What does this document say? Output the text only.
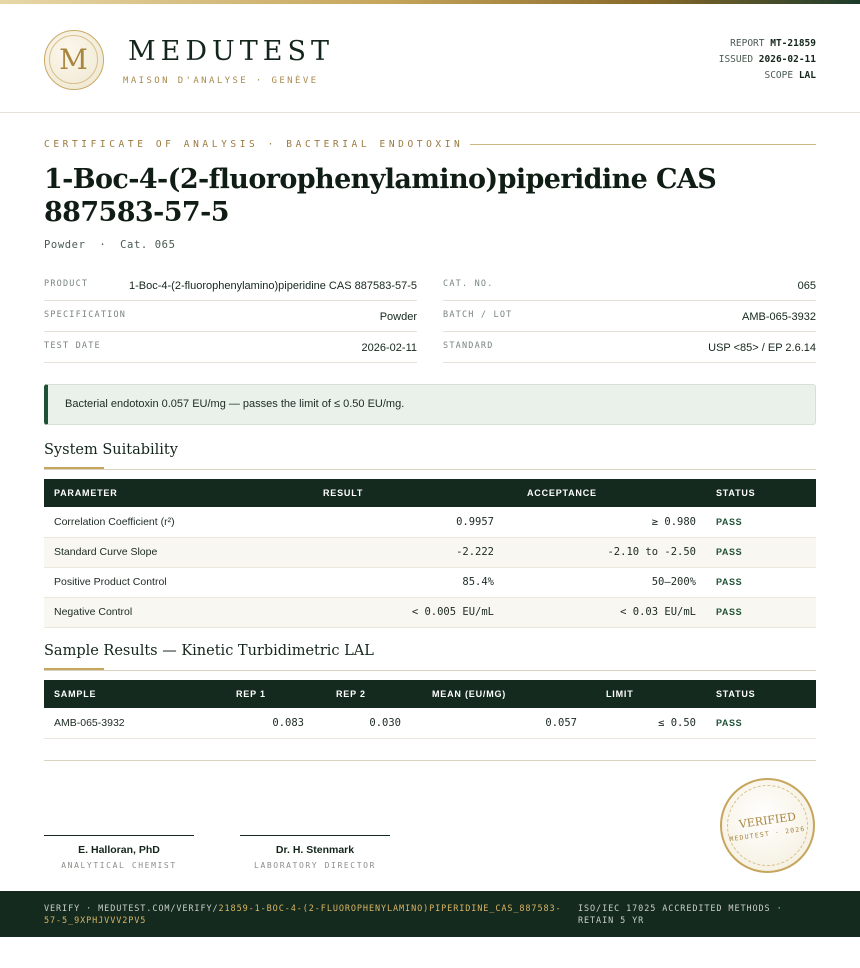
M	MEDUTEST
MAISON D'ANALYSE · GENÈVE
REPORT MT-21859
ISSUED 2026-02-11
SCOPE LAL
CERTIFICATE OF ANALYSIS · BACTERIAL ENDOTOXIN
1-Boc-4-(2-fluorophenylamino)piperidine CAS 887583-57-5
Powder · Cat. 065
PRODUCT	1-Boc-4-(2-fluorophenylamino)piperidine CAS 887583-57-5
SPECIFICATION	Powder
TEST DATE	2026-02-11
CAT. NO.	065
BATCH / LOT	AMB-065-3932
STANDARD	USP <85> / EP 2.6.14
Bacterial endotoxin 0.057 EU/mg — passes the limit of ≤ 0.50 EU/mg.
System Suitability
PARAMETER	RESULT	ACCEPTANCE	STATUS
Correlation Coefficient (r²)	0.9957	≥ 0.980	PASS
Standard Curve Slope	-2.222	-2.10 to -2.50	PASS
Positive Product Control	85.4%	50–200%	PASS
Negative Control	< 0.005 EU/mL	< 0.03 EU/mL	PASS
Sample Results — Kinetic Turbidimetric LAL
SAMPLE	REP 1	REP 2	MEAN (EU/MG)	LIMIT	STATUS
AMB-065-3932	0.083	0.030	0.057	≤ 0.50	PASS
E. Halloran, PhD
ANALYTICAL CHEMIST
Dr. H. Stenmark
LABORATORY DIRECTOR
VERIFIED
MEDUTEST · 2026
VERIFY · MEDUTEST.COM/VERIFY/21859-1-BOC-4-(2-FLUOROPHENYLAMINO)PIPERIDINE_CAS_887583-57-5_9XPHJVVV2PV5
ISO/IEC 17025 ACCREDITED METHODS · RETAIN 5 YR
